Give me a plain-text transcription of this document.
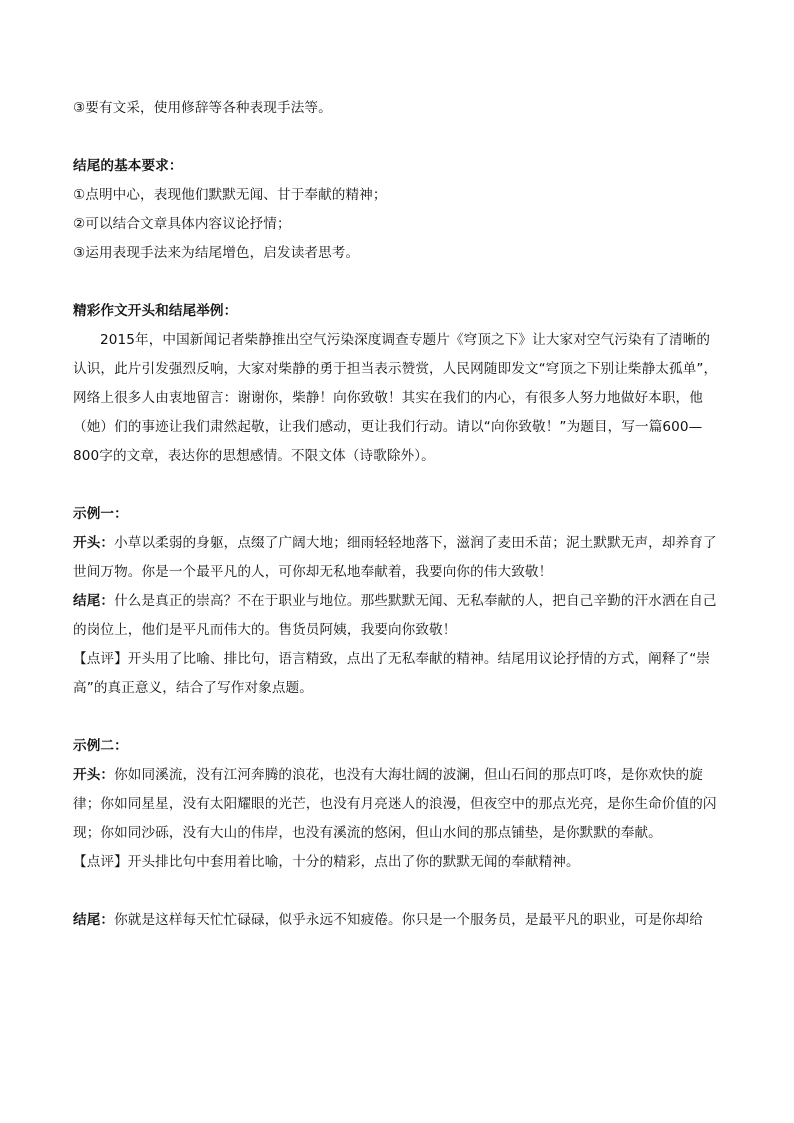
③要有文采，使用修辞等各种表现手法等。

结尾的基本要求：

①点明中心，表现他们默默无闻、甘于奉献的精神；

②可以结合文章具体内容议论抒情；

③运用表现手法来为结尾增色，启发读者思考。

精彩作文开头和结尾举例：

2015年，中国新闻记者柴静推出空气污染深度调查专题片《穹顶之下》让大家对空气污染有了清晰的认识，此片引发强烈反响，大家对柴静的勇于担当表示赞赏，人民网随即发文“穹顶之下别让柴静太孤单”，网络上很多人由衷地留言：谢谢你，柴静！向你致敬！其实在我们的内心，有很多人努力地做好本职，他（她）们的事迹让我们肃然起敬，让我们感动，更让我们行动。请以“向你致敬！”为题目，写一篇600—800字的文章，表达你的思想感情。不限文体（诗歌除外）。

示例一：

开头：小草以柔弱的身躯，点缀了广阔大地；细雨轻轻地落下，滋润了麦田禾苗；泥土默默无声，却养育了世间万物。你是一个最平凡的人，可你却无私地奉献着，我要向你的伟大致敬！

结尾：什么是真正的崇高？不在于职业与地位。那些默默无闻、无私奉献的人，把自己辛勤的汗水洒在自己的岗位上，他们是平凡而伟大的。售货员阿姨，我要向你致敬！

【点评】开头用了比喻、排比句，语言精致，点出了无私奉献的精神。结尾用议论抒情的方式，阐释了“崇高”的真正意义，结合了写作对象点题。

示例二：

开头：你如同溪流，没有江河奔腾的浪花，也没有大海壮阔的波澜，但山石间的那点叮咚，是你欢快的旋律；你如同星星，没有太阳耀眼的光芒，也没有月亮迷人的浪漫，但夜空中的那点光亮，是你生命价值的闪现；你如同沙砾，没有大山的伟岸，也没有溪流的悠闲，但山水间的那点铺垫，是你默默的奉献。

【点评】开头排比句中套用着比喻，十分的精彩，点出了你的默默无闻的奉献精神。

结尾：你就是这样每天忙忙碌碌，似乎永远不知疲倦。你只是一个服务员，是最平凡的职业，可是你却给
